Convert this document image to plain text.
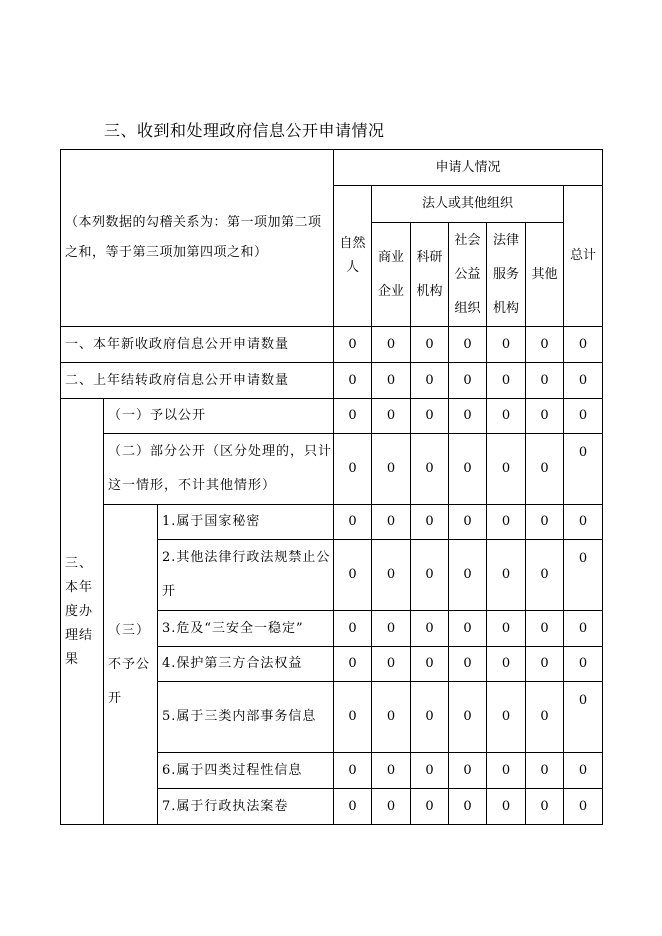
三、收到和处理政府信息公开申请情况
（本列数据的勾稽关系为：第一项加第二项之和，等于第三项加第四项之和）			申请人情况						
			自然人	法人或其他组织					总计
				商业企业	科研机构	社会公益组织	法律服务机构	其他	

一、本年新收政府信息公开申请数量			0	0	0	0	0	0	0
二、上年结转政府信息公开申请数量			0	0	0	0	0	0	0
三、本年度办理结果	（一）予以公开		0	0	0	0	0	0	0
	（二）部分公开（区分处理的，只计这一情形，不计其他情形）		0	0	0	0	0	0	0
	（三）不予公开	1.属于国家秘密	0	0	0	0	0	0	0
		2.其他法律行政法规禁止公开	0	0	0	0	0	0	0
		3.危及“三安全一稳定”	0	0	0	0	0	0	0
		4.保护第三方合法权益	0	0	0	0	0	0	0
		5.属于三类内部事务信息	0	0	0	0	0	0	0
		6.属于四类过程性信息	0	0	0	0	0	0	0
		7.属于行政执法案卷	0	0	0	0	0	0	0
